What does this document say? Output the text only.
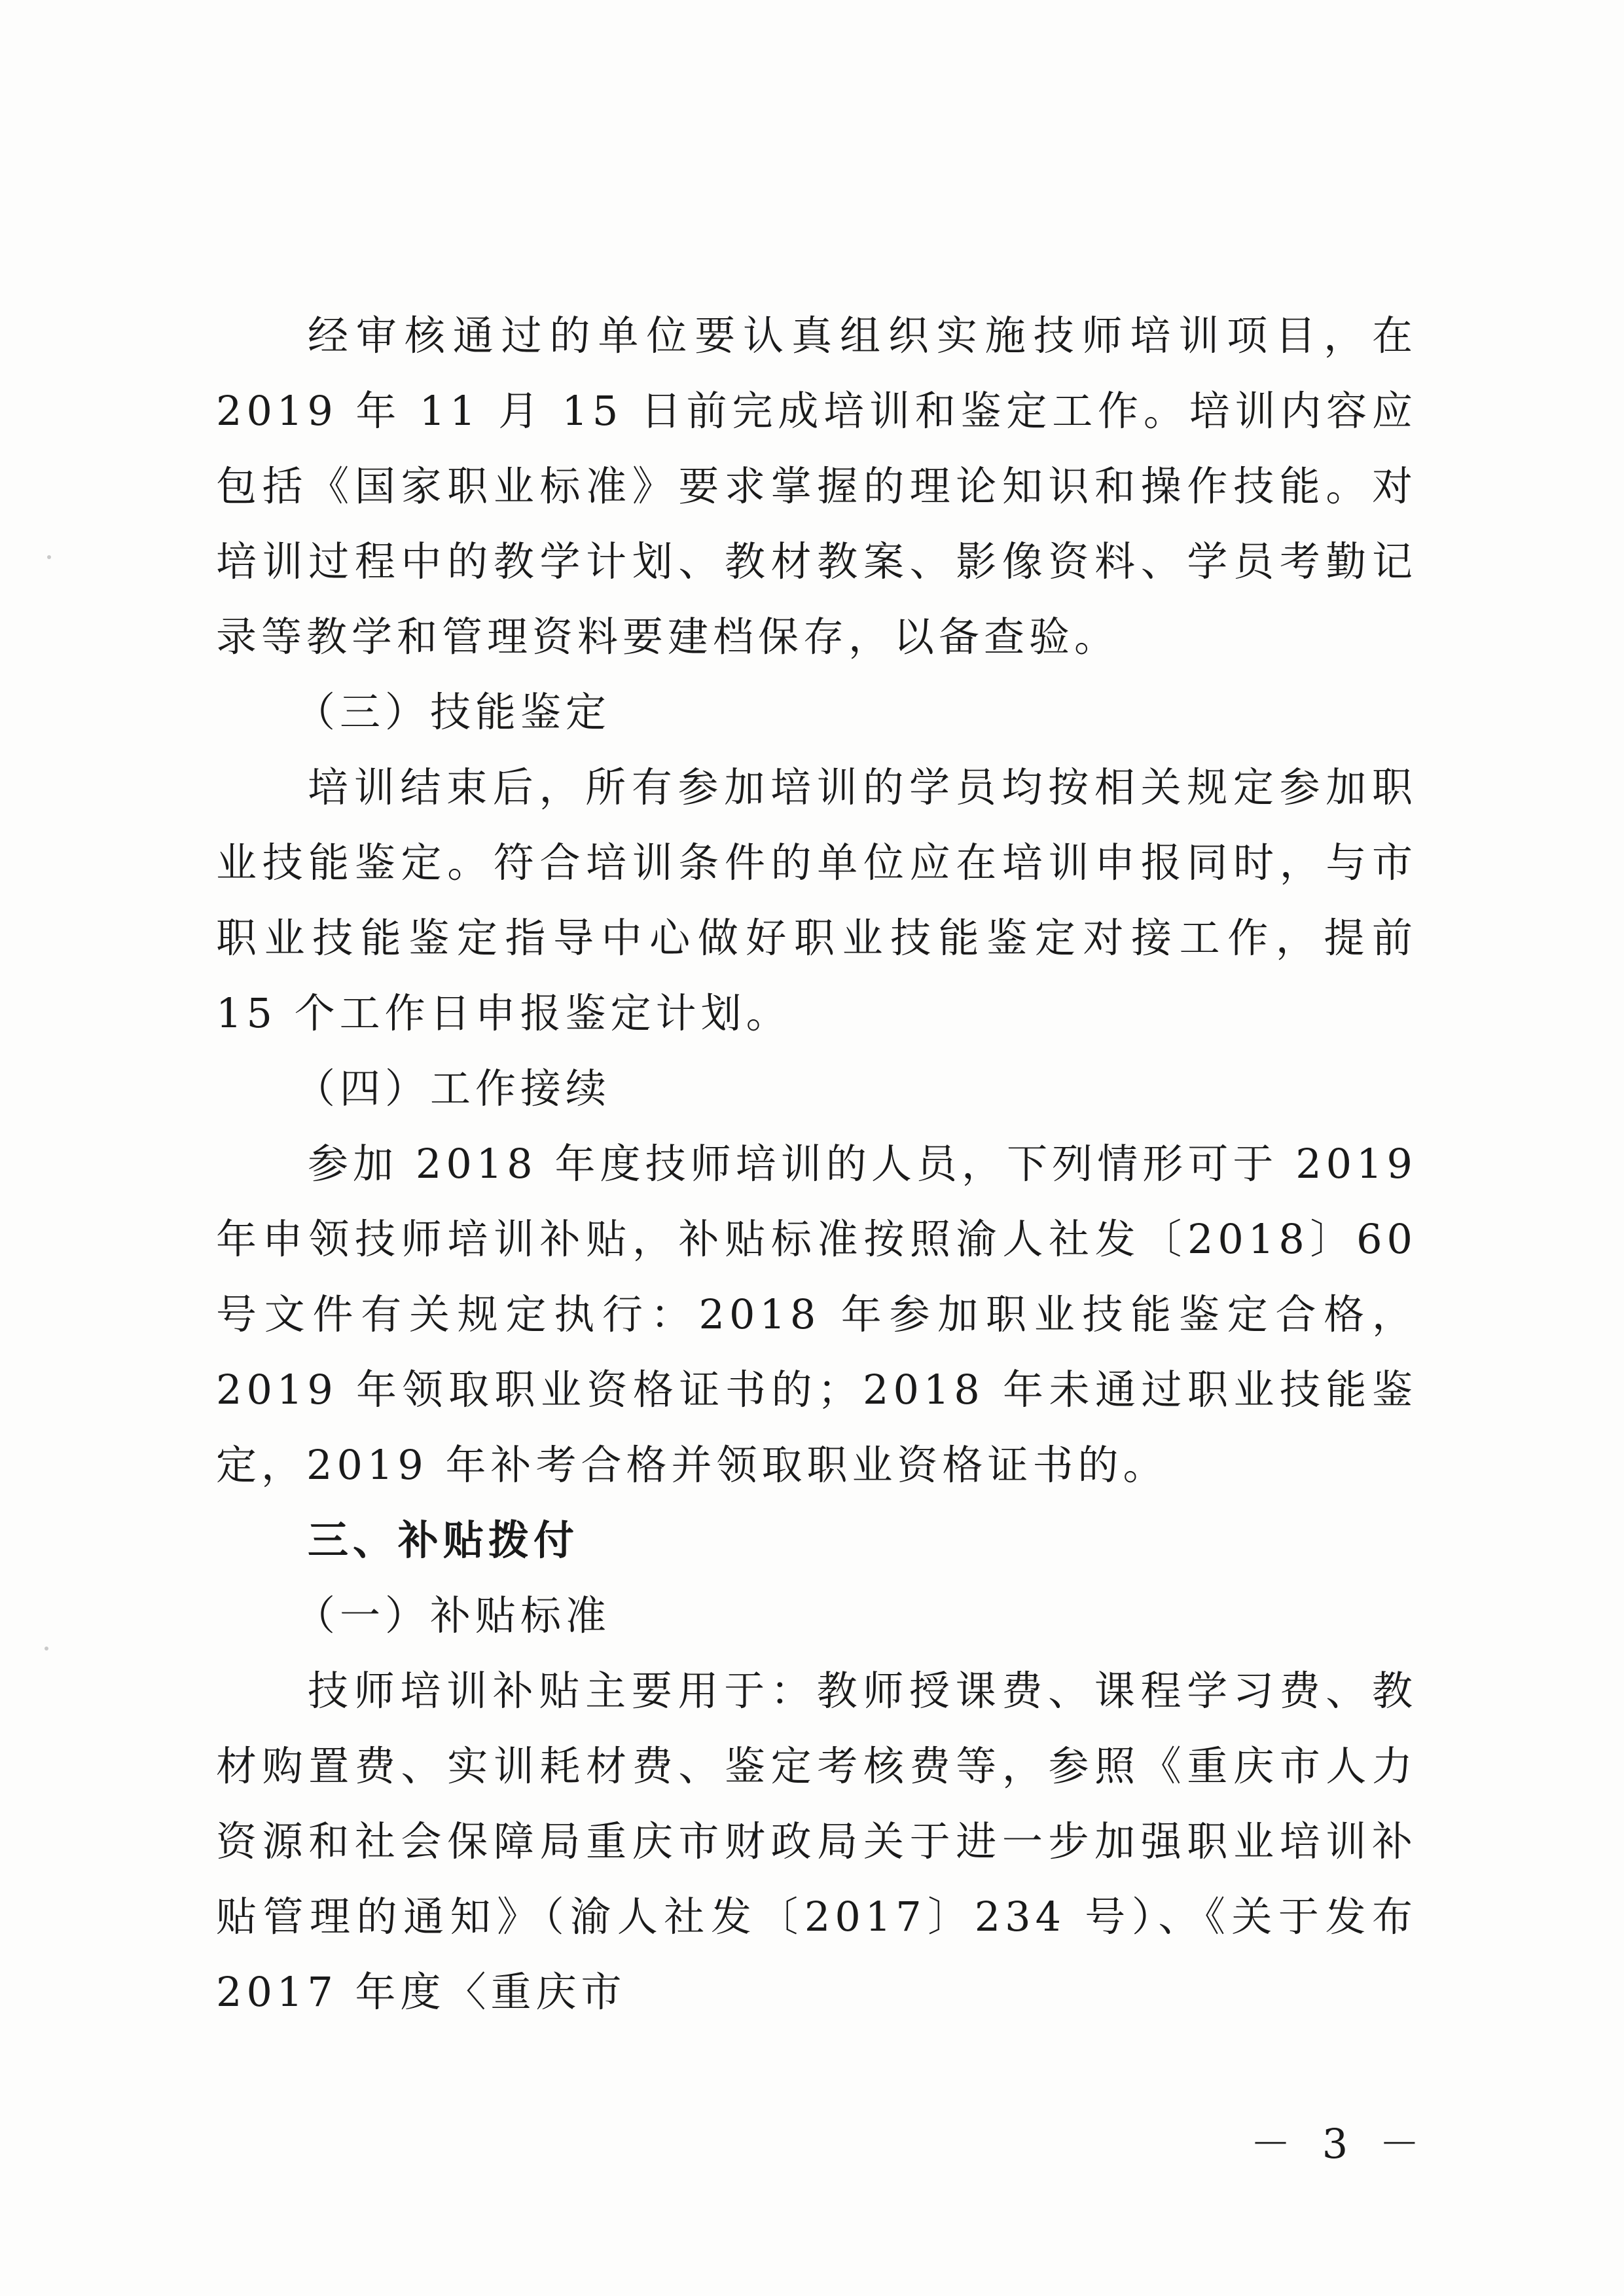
经审核通过的单位要认真组织实施技师培训项目，在 2019 年 11 月 15 日前完成培训和鉴定工作。培训内容应包括《国家职业标准》要求掌握的理论知识和操作技能。对培训过程中的教学计划、教材教案、影像资料、学员考勤记录等教学和管理资料要建档保存，以备查验。

（三）技能鉴定

培训结束后，所有参加培训的学员均按相关规定参加职业技能鉴定。符合培训条件的单位应在培训申报同时，与市职业技能鉴定指导中心做好职业技能鉴定对接工作，提前 15 个工作日申报鉴定计划。

（四）工作接续

参加 2018 年度技师培训的人员，下列情形可于 2019 年申领技师培训补贴，补贴标准按照渝人社发〔2018〕60 号文件有关规定执行：2018 年参加职业技能鉴定合格，2019 年领取职业资格证书的；2018 年未通过职业技能鉴定，2019 年补考合格并领取职业资格证书的。

三、补贴拨付

（一）补贴标准

技师培训补贴主要用于：教师授课费、课程学习费、教材购置费、实训耗材费、鉴定考核费等，参照《重庆市人力资源和社会保障局重庆市财政局关于进一步加强职业培训补贴管理的通知》（渝人社发〔2017〕234 号）、《关于发布 2017 年度〈重庆市

－ 3 －
